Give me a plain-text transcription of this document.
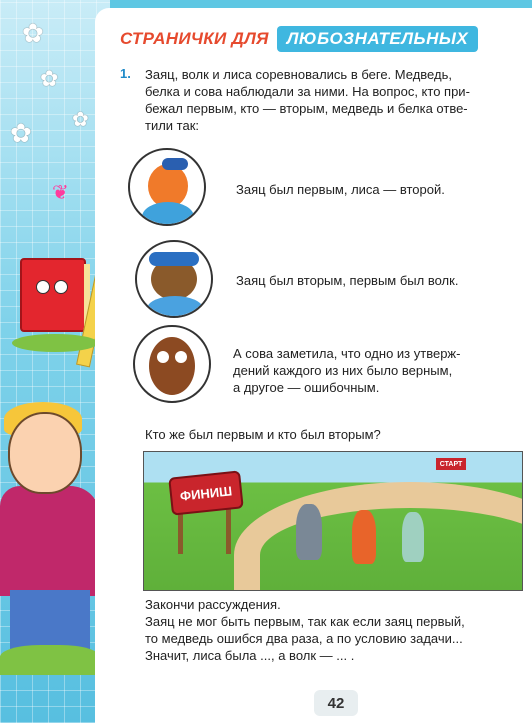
✿
✿
✿ ✿
❦
СТРАНИЧКИ ДЛЯ	ЛЮБОЗНАТЕЛЬНЫХ
1. Заяц, волк и лиса соревновались в беге. Медведь,
белка и сова наблюдали за ними. На вопрос, кто при-
бежал первым, кто — вторым, медведь и белка отве-
тили так:
Заяц был первым, лиса — второй.
Заяц был вторым, первым был волк.
А сова заметила, что одно из утверж-
дений каждого из них было верным,
а другое — ошибочным.
Кто же был первым и кто был вторым?
ФИНИШ
СТАРТ
Закончи рассуждения.
Заяц не мог быть первым, так как если заяц первый,
то медведь ошибся два раза, а по условию задачи...
Значит, лиса была ..., а волк — ... .
42
